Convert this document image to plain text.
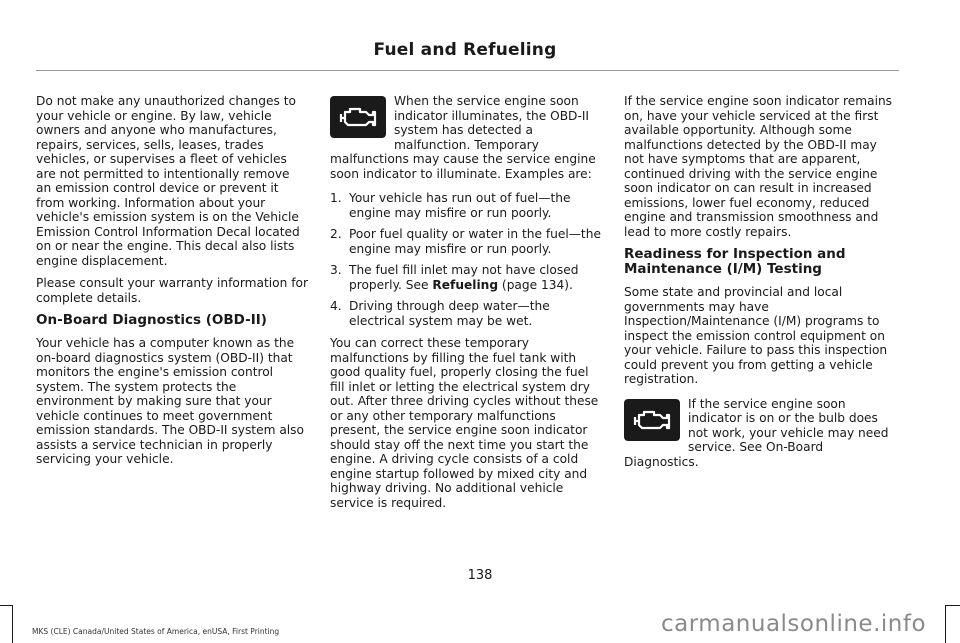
Fuel and Refueling

Do not make any unauthorized changes to your vehicle or engine. By law, vehicle owners and anyone who manufactures, repairs, services, sells, leases, trades vehicles, or supervises a fleet of vehicles are not permitted to intentionally remove an emission control device or prevent it from working. Information about your vehicle's emission system is on the Vehicle Emission Control Information Decal located on or near the engine. This decal also lists engine displacement.

Please consult your warranty information for complete details.

On-Board Diagnostics (OBD-II)

Your vehicle has a computer known as the on-board diagnostics system (OBD-II) that monitors the engine's emission control system. The system protects the environment by making sure that your vehicle continues to meet government emission standards. The OBD-II system also assists a service technician in properly servicing your vehicle.

When the service engine soon indicator illuminates, the OBD-II system has detected a malfunction. Temporary malfunctions may cause the service engine soon indicator to illuminate. Examples are:
1. Your vehicle has run out of fuel—the engine may misfire or run poorly.
2. Poor fuel quality or water in the fuel—the engine may misfire or run poorly.
3. The fuel fill inlet may not have closed properly. See Refueling (page 134).
4. Driving through deep water—the electrical system may be wet.

You can correct these temporary malfunctions by filling the fuel tank with good quality fuel, properly closing the fuel fill inlet or letting the electrical system dry out. After three driving cycles without these or any other temporary malfunctions present, the service engine soon indicator should stay off the next time you start the engine. A driving cycle consists of a cold engine startup followed by mixed city and highway driving. No additional vehicle service is required.

If the service engine soon indicator remains on, have your vehicle serviced at the first available opportunity. Although some malfunctions detected by the OBD-II may not have symptoms that are apparent, continued driving with the service engine soon indicator on can result in increased emissions, lower fuel economy, reduced engine and transmission smoothness and lead to more costly repairs.

Readiness for Inspection and Maintenance (I/M) Testing

Some state and provincial and local governments may have Inspection/Maintenance (I/M) programs to inspect the emission control equipment on your vehicle. Failure to pass this inspection could prevent you from getting a vehicle registration.

If the service engine soon indicator is on or the bulb does not work, your vehicle may need service. See On-Board Diagnostics.
138
MKS (CLE) Canada/United States of America, enUSA, First Printing	carmanualsonline.info
